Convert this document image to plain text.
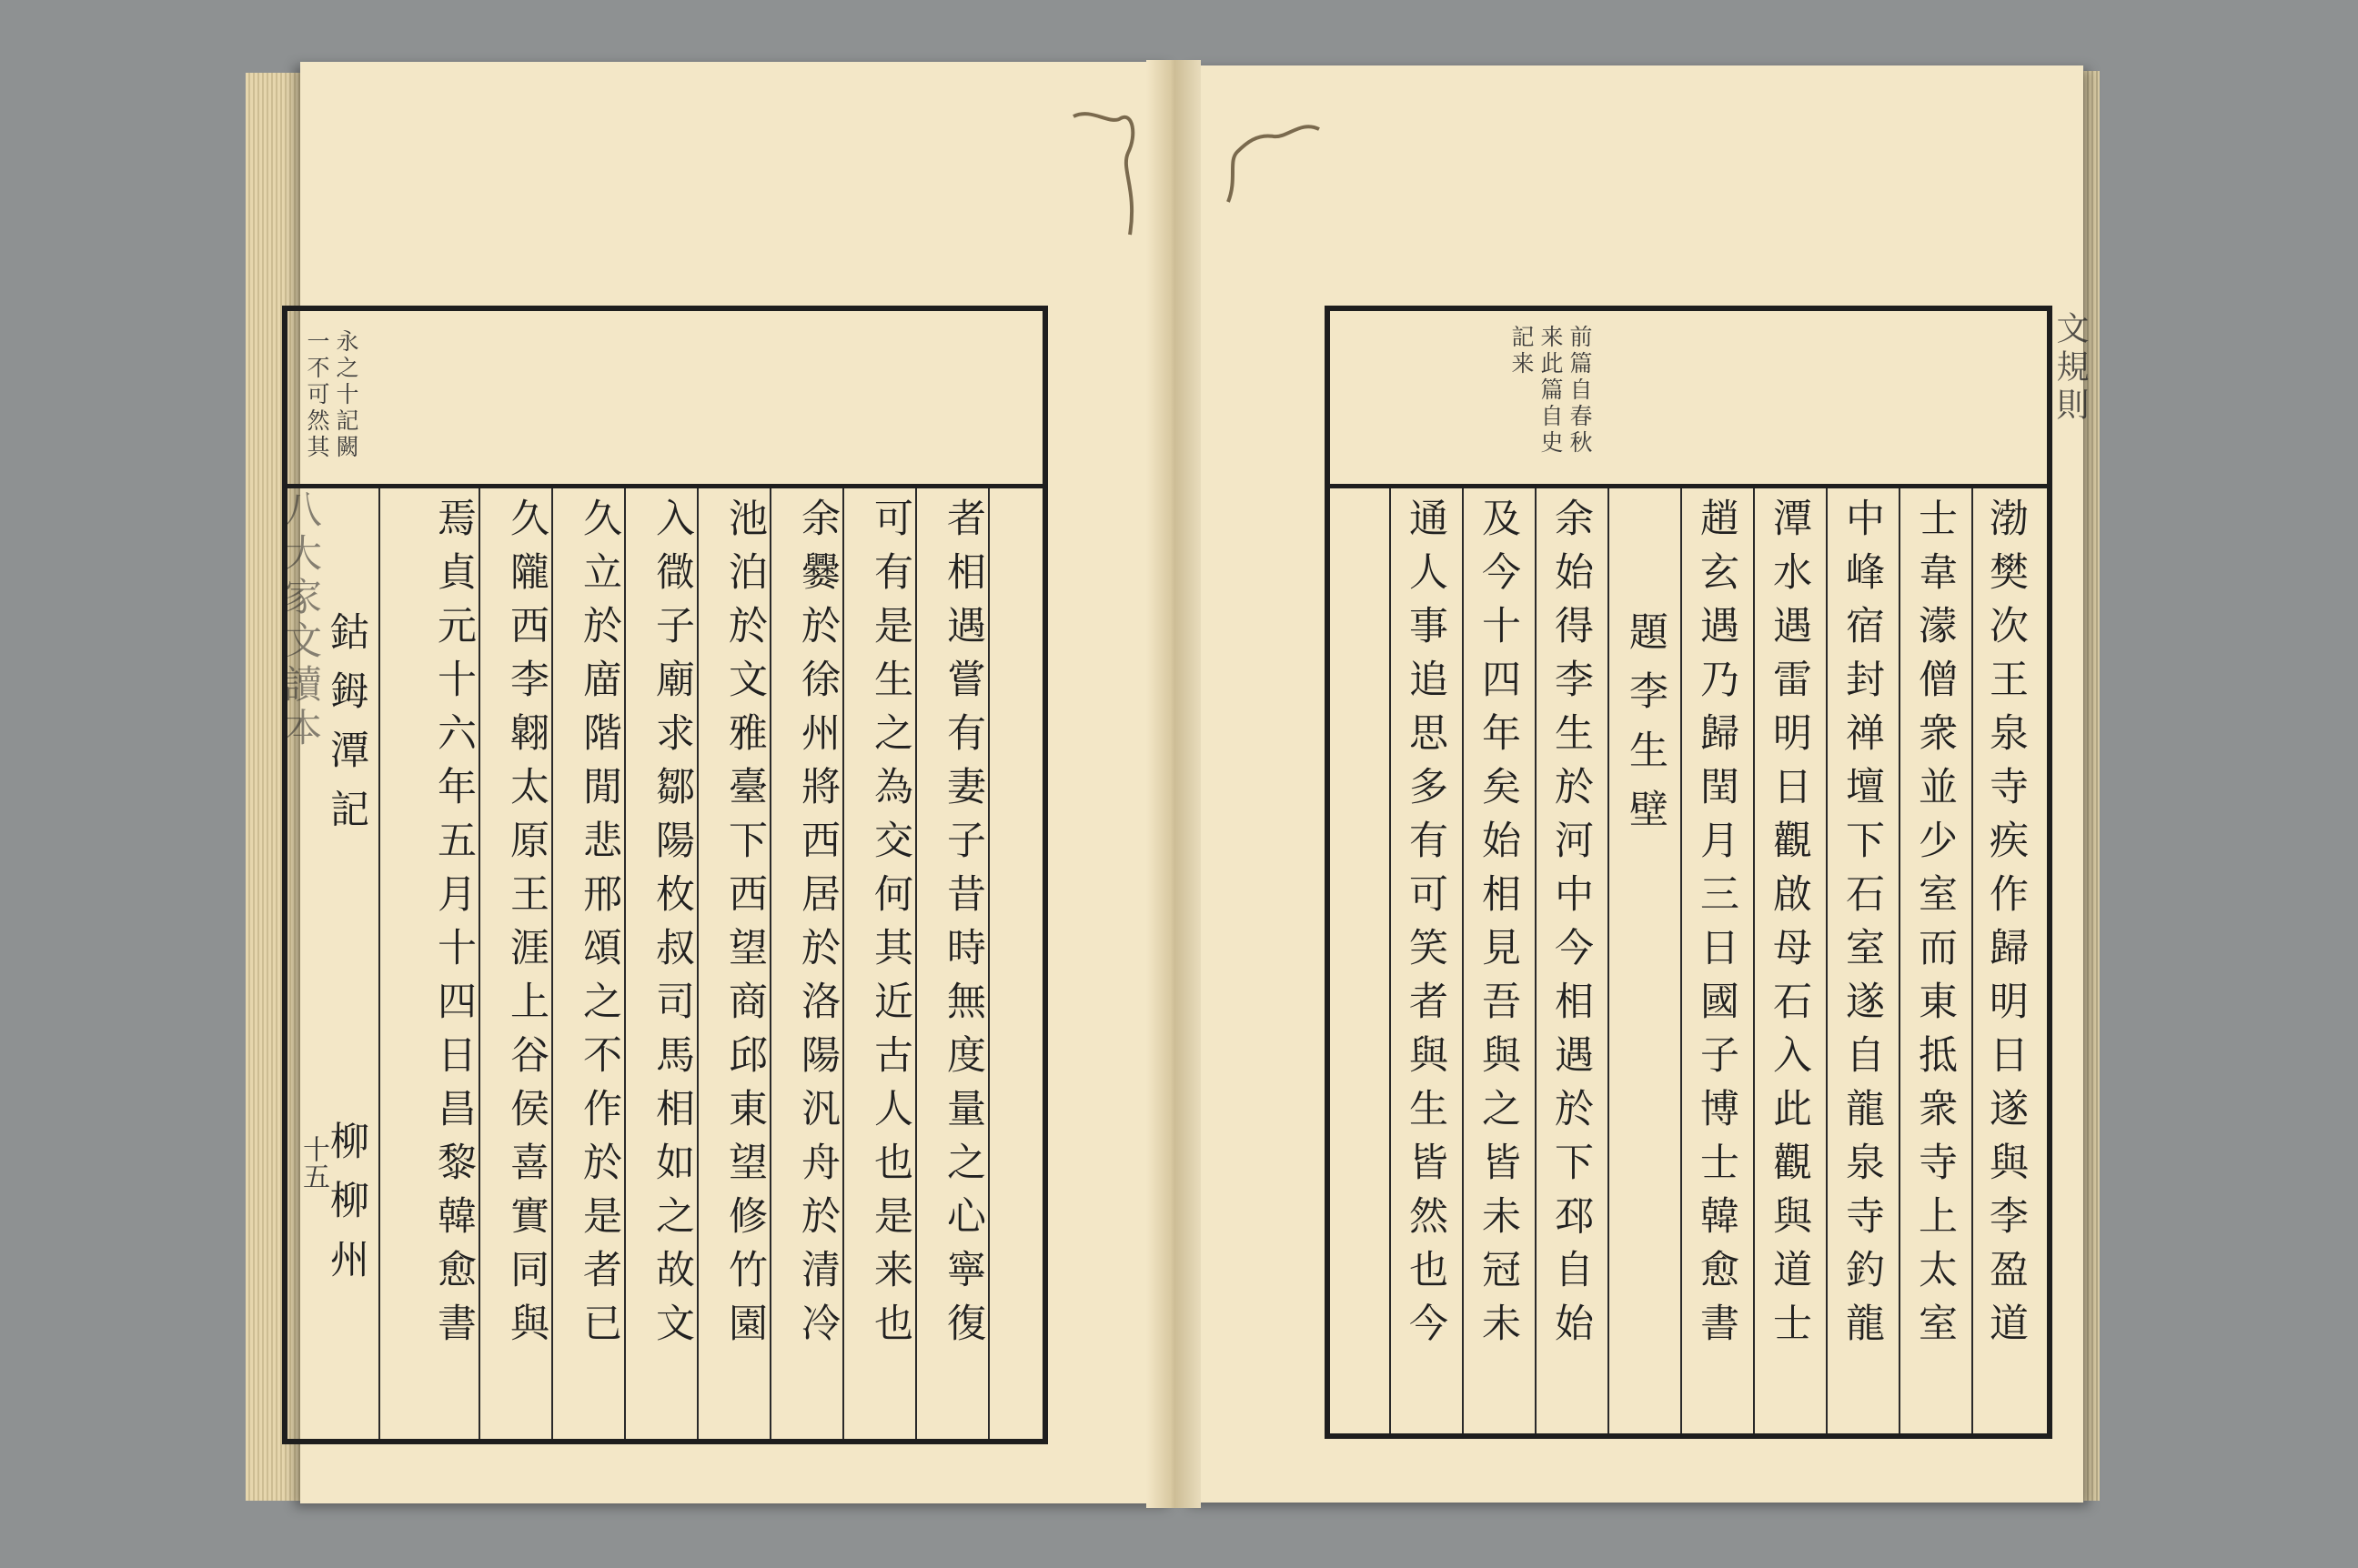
八大家文讀本
永之十記闕
一不可然其
者相遇嘗有妻子昔時無度量之心寧復
可有是生之為交何其近古人也是来也
余爨於徐州將西居於洛陽汎舟於清冷
池泊於文雅臺下西望商邱東望修竹園
入㣲子廟求鄒陽枚叔司馬相如之故文
久立於庿階閒悲邢頌之不作於是者已
久隴西李翺太原王涯上谷侯喜實同與
焉貞元十六年五月十四日昌黎韓愈書
鈷鉧潭記
柳柳州
十五
前篇自春秋
来此篇自史
記来
渤樊次王泉寺疾作歸明日遂與李盈道
士韋濛僧衆並少室而東抵衆寺上太室
中峰宿封禅壇下石室遂自龍泉寺釣龍
潭水遇雷明日觀啟母石入此觀與道士
趙玄遇乃歸閏月三日國子博士韓愈書
題李生壁
余始得李生於河中今相遇於下邳自始
及今十四年矣始相見吾與之皆未冠未
通人事追思多有可笑者與生皆然也今
文規則
